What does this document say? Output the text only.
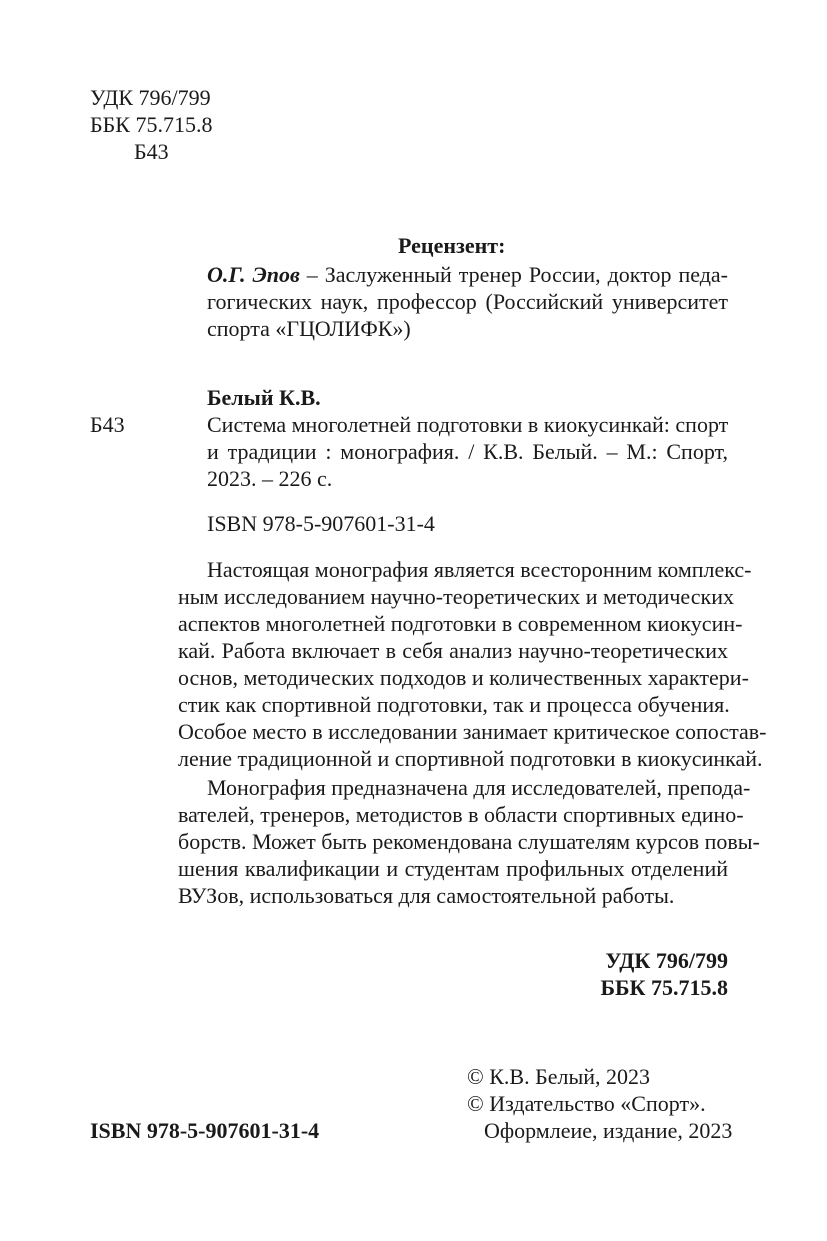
УДК 796/799
ББК 75.715.8
Б43
Рецензент:
О.Г. Эпов – Заслуженный тренер России, доктор педа-
гогических наук, профессор (Российский университет
спорта «ГЦОЛИФК»)
Белый К.В.
Б43	Система многолетней подготовки в киокусинкай: спорт
и традиции : монография. / К.В. Белый. – М.: Спорт,
2023. – 226 с.
ISBN 978-5-907601-31-4
Настоящая монография является всесторонним комплекс-
ным исследованием научно-теоретических и методических
аспектов многолетней подготовки в современном киокусин-
кай. Работа включает в себя анализ научно-теоретических
основ, методических подходов и количественных характери-
стик как спортивной подготовки, так и процесса обучения.
Особое место в исследовании занимает критическое сопостав-
ление традиционной и спортивной подготовки в киокусинкай.
Монография предназначена для исследователей, препода-
вателей, тренеров, методистов в области спортивных едино-
борств. Может быть рекомендована слушателям курсов повы-
шения квалификации и студентам профильных отделений
ВУЗов, использоваться для самостоятельной работы.
УДК 796/799
ББК 75.715.8
© К.В. Белый, 2023
© Издательство «Спорт».
Оформлеие, издание, 2023
ISBN 978-5-907601-31-4
